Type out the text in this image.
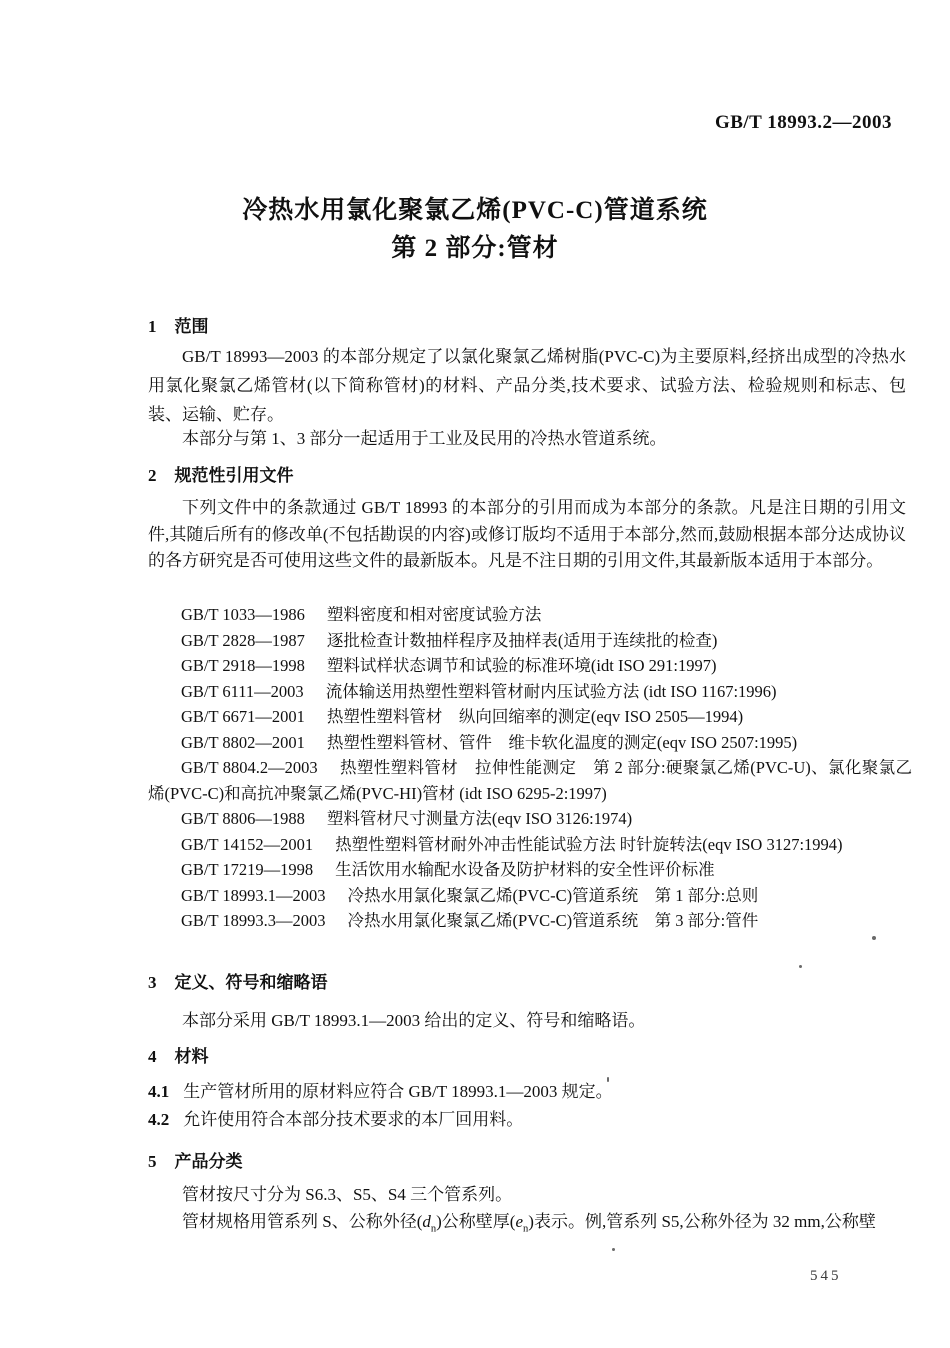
GB/T 18993.2—2003
冷热水用氯化聚氯乙烯(PVC-C)管道系统
第 2 部分:管材
1 范围

GB/T 18993—2003 的本部分规定了以氯化聚氯乙烯树脂(PVC-C)为主要原料,经挤出成型的冷热水用氯化聚氯乙烯管材(以下简称管材)的材料、产品分类,技术要求、试验方法、检验规则和标志、包装、运输、贮存。

本部分与第 1、3 部分一起适用于工业及民用的冷热水管道系统。

2 规范性引用文件

下列文件中的条款通过 GB/T 18993 的本部分的引用而成为本部分的条款。凡是注日期的引用文件,其随后所有的修改单(不包括勘误的内容)或修订版均不适用于本部分,然而,鼓励根据本部分达成协议的各方研究是否可使用这些文件的最新版本。凡是不注日期的引用文件,其最新版本适用于本部分。

GB/T 1033—1986 塑料密度和相对密度试验方法
GB/T 2828—1987 逐批检查计数抽样程序及抽样表(适用于连续批的检查)
GB/T 2918—1998 塑料试样状态调节和试验的标准环境(idt ISO 291:1997)
GB/T 6111—2003 流体输送用热塑性塑料管材耐内压试验方法 (idt ISO 1167:1996)
GB/T 6671—2001 热塑性塑料管材　纵向回缩率的测定(eqv ISO 2505—1994)
GB/T 8802—2001 热塑性塑料管材、管件　维卡软化温度的测定(eqv ISO 2507:1995)
GB/T 8804.2—2003 热塑性塑料管材　拉伸性能测定　第 2 部分:硬聚氯乙烯(PVC-U)、氯化聚氯乙烯(PVC-C)和高抗冲聚氯乙烯(PVC-HI)管材 (idt ISO 6295-2:1997)
GB/T 8806—1988 塑料管材尺寸测量方法(eqv ISO 3126:1974)
GB/T 14152—2001 热塑性塑料管材耐外冲击性能试验方法 时针旋转法(eqv ISO 3127:1994)
GB/T 17219—1998 生活饮用水输配水设备及防护材料的安全性评价标准
GB/T 18993.1—2003 冷热水用氯化聚氯乙烯(PVC-C)管道系统　第 1 部分:总则
GB/T 18993.3—2003 冷热水用氯化聚氯乙烯(PVC-C)管道系统　第 3 部分:管件
3 定义、符号和缩略语

本部分采用 GB/T 18993.1—2003 给出的定义、符号和缩略语。

4 材料

4.1 生产管材所用的原材料应符合 GB/T 18993.1—2003 规定。

4.2 允许使用符合本部分技术要求的本厂回用料。

5 产品分类

管材按尺寸分为 S6.3、S5、S4 三个管系列。

管材规格用管系列 S、公称外径$(d_n)$公称壁厚$(e_n)$表示。例,管系列 S5,公称外径为 32 mm,公称壁

545
